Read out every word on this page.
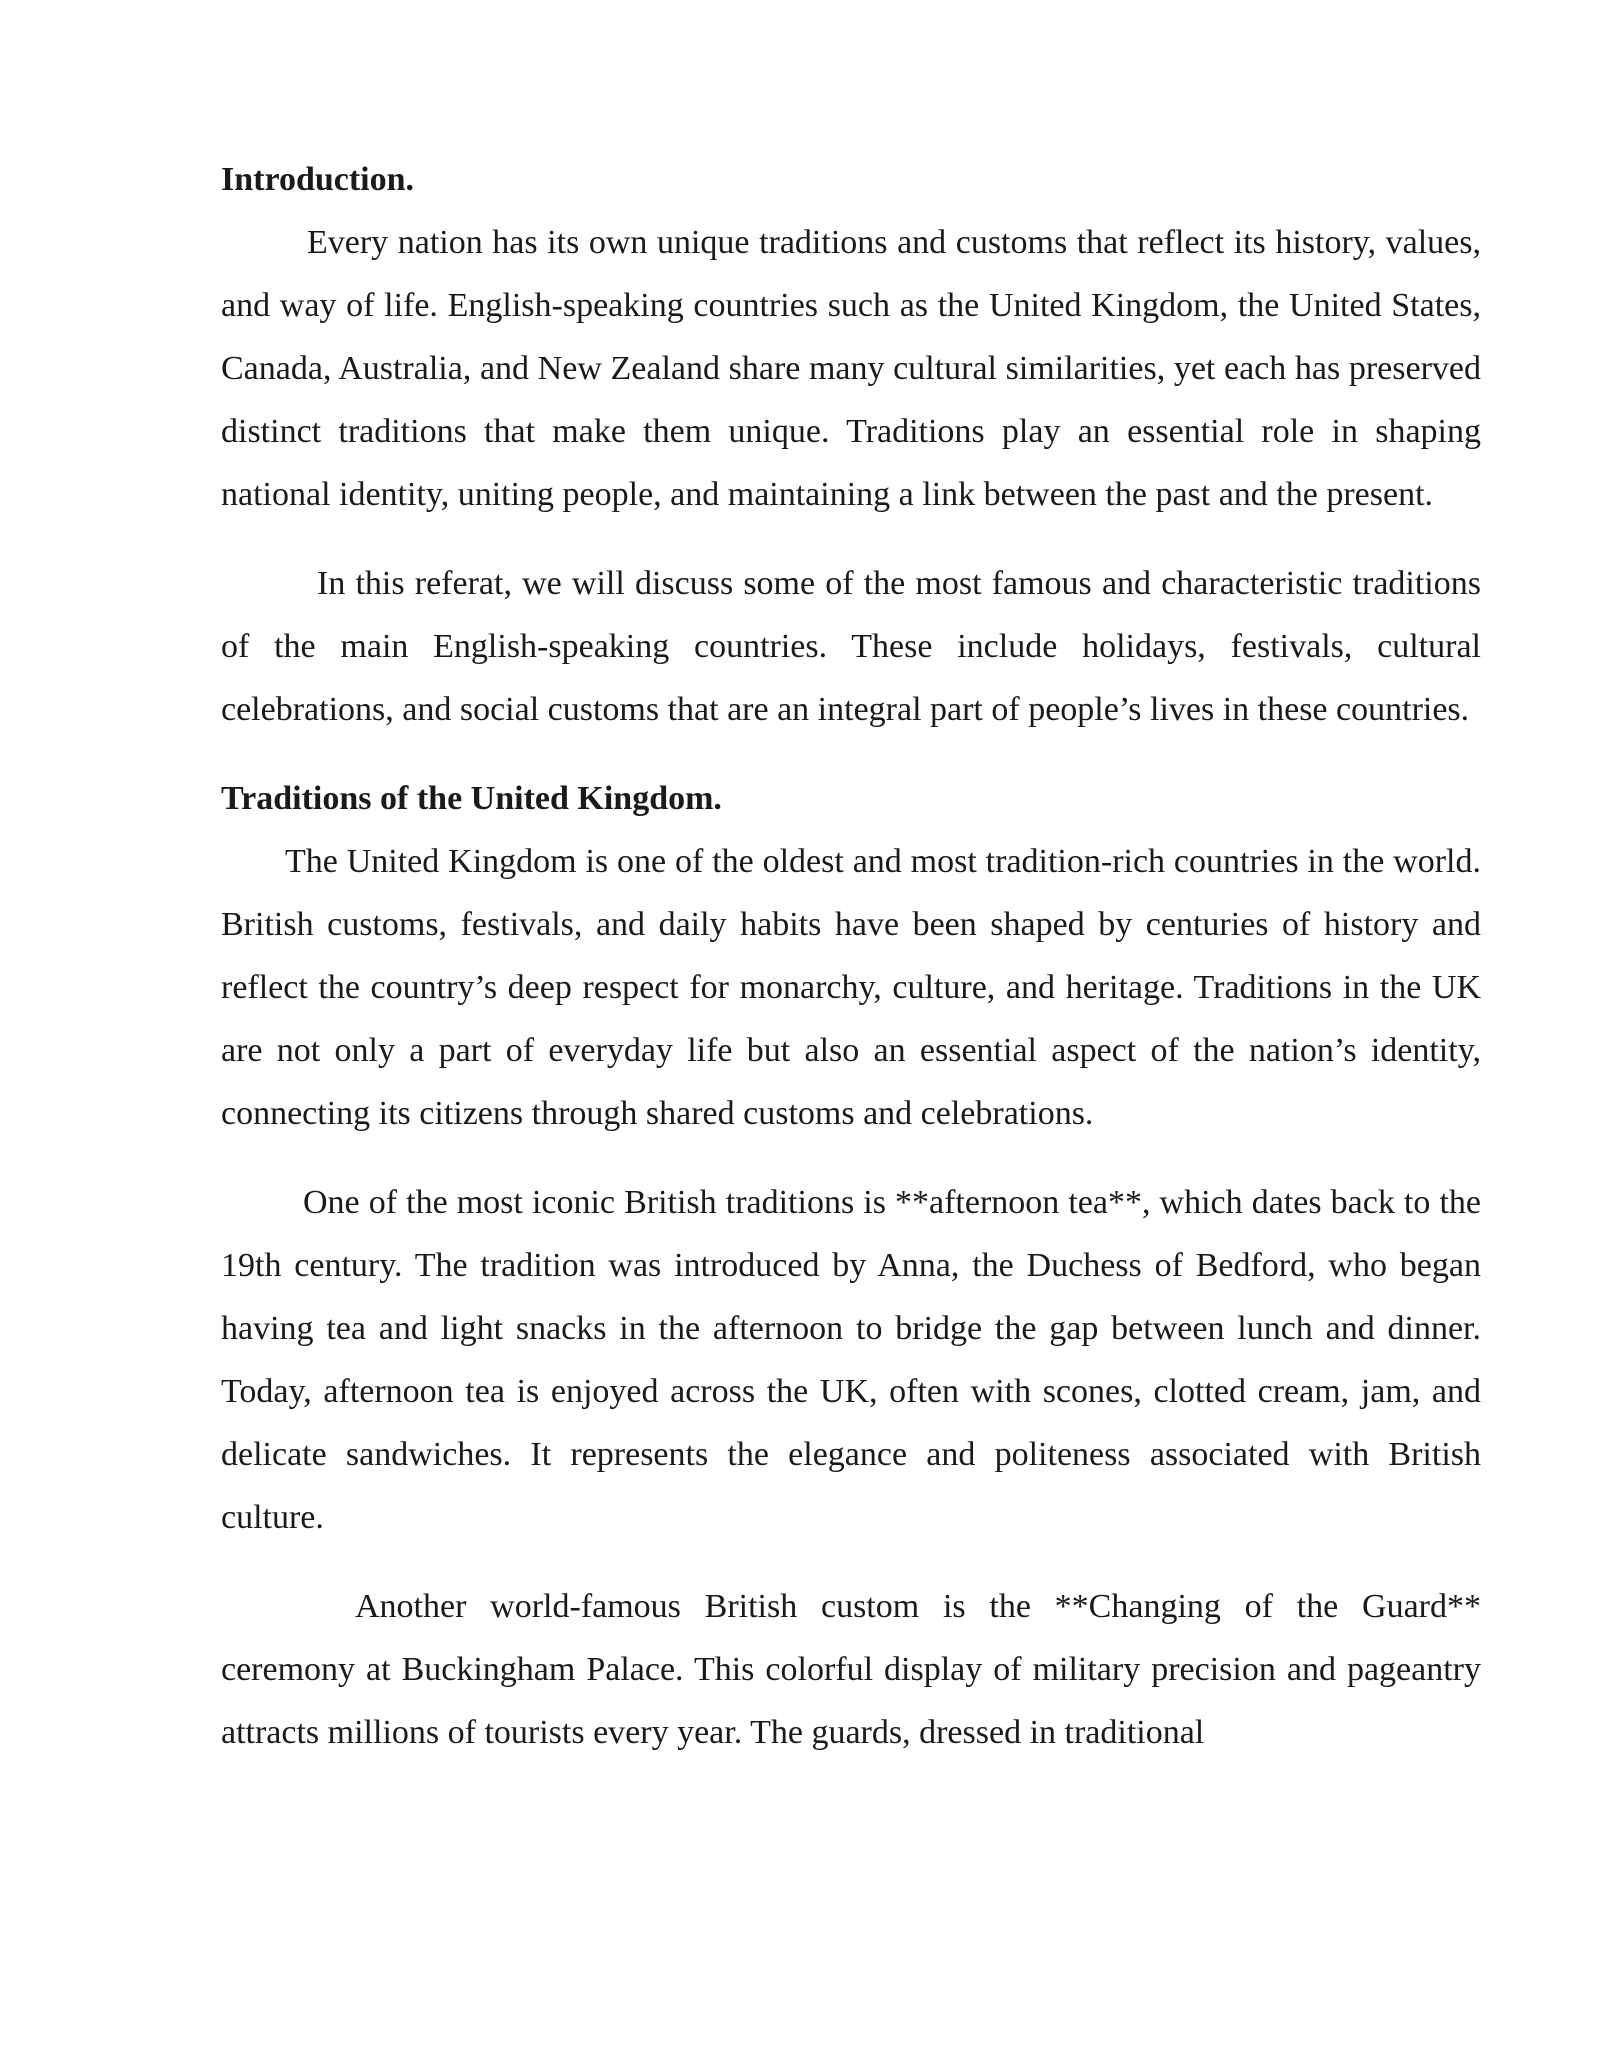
Introduction.

Every nation has its own unique traditions and customs that reflect its history, values, and way of life. English-speaking countries such as the United Kingdom, the United States, Canada, Australia, and New Zealand share many cultural similarities, yet each has preserved distinct traditions that make them unique. Traditions play an essential role in shaping national identity, uniting people, and maintaining a link between the past and the present.

In this referat, we will discuss some of the most famous and characteristic traditions of the main English-speaking countries. These include holidays, festivals, cultural celebrations, and social customs that are an integral part of people’s lives in these countries.

Traditions of the United Kingdom.

The United Kingdom is one of the oldest and most tradition-rich countries in the world. British customs, festivals, and daily habits have been shaped by centuries of history and reflect the country’s deep respect for monarchy, culture, and heritage. Traditions in the UK are not only a part of everyday life but also an essential aspect of the nation’s identity, connecting its citizens through shared customs and celebrations.

One of the most iconic British traditions is **afternoon tea**, which dates back to the 19th century. The tradition was introduced by Anna, the Duchess of Bedford, who began having tea and light snacks in the afternoon to bridge the gap between lunch and dinner. Today, afternoon tea is enjoyed across the UK, often with scones, clotted cream, jam, and delicate sandwiches. It represents the elegance and politeness associated with British culture.

Another world-famous British custom is the **Changing of the Guard** ceremony at Buckingham Palace. This colorful display of military precision and pageantry attracts millions of tourists every year. The guards, dressed in traditional
